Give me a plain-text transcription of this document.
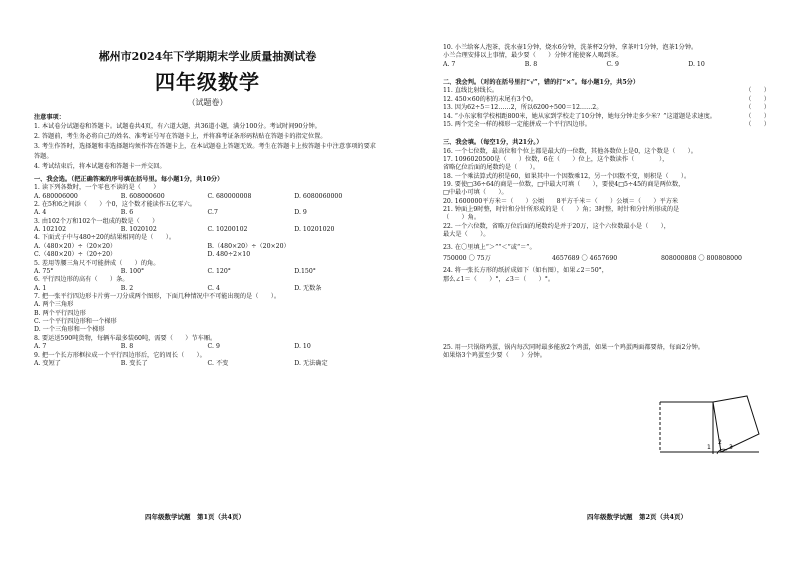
郴州市2024年下学期期末学业质量抽测试卷
四年级数学
（试题卷）
注意事项：
1. 本试卷分试题卷和答题卡。试题卷共4页，有六道大题，共36道小题，满分100分。考试时间90分钟。
2. 答题前，考生务必将自己的姓名、准考证号写在答题卡上，并将准考证条形码粘贴在答题卡的指定位置。
3. 考生作答时，选择题和非选择题均须作答在答题卡上，在本试题卷上答题无效。考生在答题卡上按答题卡中注意事项的要求答题。
4. 考试结束后，将本试题卷和答题卡一并交回。
一、我会选。（把正确答案的序号填在括号里。每小题1分，共10分）
1. 读下列各数时，一个零也不读的是（　　）
A. 680006000	B. 608000600	C. 680000008	D. 6080060000
2. 在5和6之间添（　　）个0，这个数才能读作五亿零六。
A. 4	B. 6	C.7	D. 9
3. 由102个万和102个一组成的数是（　　）
A. 102102	B. 1020102	C. 10200102	D. 10201020
4. 下面式子中与480÷20的结果相同的是（　　）。
A.（480×20）÷（20×20）	B.（480×20）÷（20×20）
C.（480×20）÷（20÷20）	D. 480÷2×10
5. 差用等腰三角尺不可能拼成（　　）的角。
A. 75°	B. 100°	C. 120°	D.150°
6. 平行四边形的高有（　　）条。
A. 1	B. 2	C. 4	D. 无数条
7. 把一张平行四边形卡片剪一刀分成两个图形，下面几种情况中不可能出现的是（　　）。
A. 两个三角形
B. 两个平行四边形
C. 一个平行四边形和一个梯形
D. 一个三角形和一个梯形
8. 要运送590吨货物，每辆车最多装60吨，需要（　　）节车厢。
A. 7	B. 8	C. 9	D. 10
9. 把一个长方形框拉成一个平行四边形后，它的周长（　　）。
A. 变短了	B. 变长了	C. 不变	D. 无法确定
四年级数学试题　第1页（共4页）
10. 小兰给客人泡茶，洗水壶1分钟，烧水6分钟，洗茶杯2分钟，拿茶叶1分钟，泡茶1分钟。
小兰合理安排以上事情，最少要（　　）分钟才能使客人喝到茶。
A. 7	B. 8	C. 9	D. 10
二、我会判。（对的在括号里打“√”，错的打“×”。每小题1分，共5分）
11. 直线比射线长。	（　　）
12. 450×60的积的末尾有3个0。	（　　）
13. 因为62÷5＝12……2，所以6200÷500＝12……2。	（　　）
14. “小东家和学校相距800米，她从家到学校走了10分钟，她每分钟走多少米？”这道题是求速度。	（　　）
15. 两个完全一样的梯形一定能拼成一个平行四边形。	（　　）
三、我会填。（每空1分，共21分。）
16. 一个七位数，最高位和个位上都是最大的一位数，其他各数位上是0，这个数是（　　）。
17. 1096020500是（　　）位数，6在（　　）位上，这个数读作（　　　　），
省略亿位后面的尾数约是（　　）。
18. 一个乘法算式的积是60，如果其中一个因数乘12，另一个因数不变，则积是（　　）。
19. 要使□36÷64的商是一位数，□中最大可填（　　），要使4□5÷45的商是两位数，
□中最小可填（　　）。
20. 1600000平方米＝（　　）公顷　　8平方千米＝（　　）公顷＝（　　）平方米
21. 钟面上9时整，时针和分针所形成的是（　　）角；3时整，时针和分针所形成的是
（　　）角。
22. 一个六位数，省略万位后面的尾数约是并于20万，这个六位数最小是（　　），
最大是（　　）。
23. 在〇里填上“＞”“＜”或“＝”。
750000 〇 75万	4657689 〇 4657690	808000808 〇 800808000
24. 将一张长方形的纸折成如下（如右图），如果∠2＝50°，
那么∠1＝（　　）°，∠3＝（　　）°。
1
2
3
25. 用一只锅烙鸡蛋，锅内每次同时最多能放2个鸡蛋，如果一个鸡蛋两面都要烙，每面2分钟。
如果烙3个鸡蛋至少要（　　）分钟。
四年级数学试题　第2页（共4页）
